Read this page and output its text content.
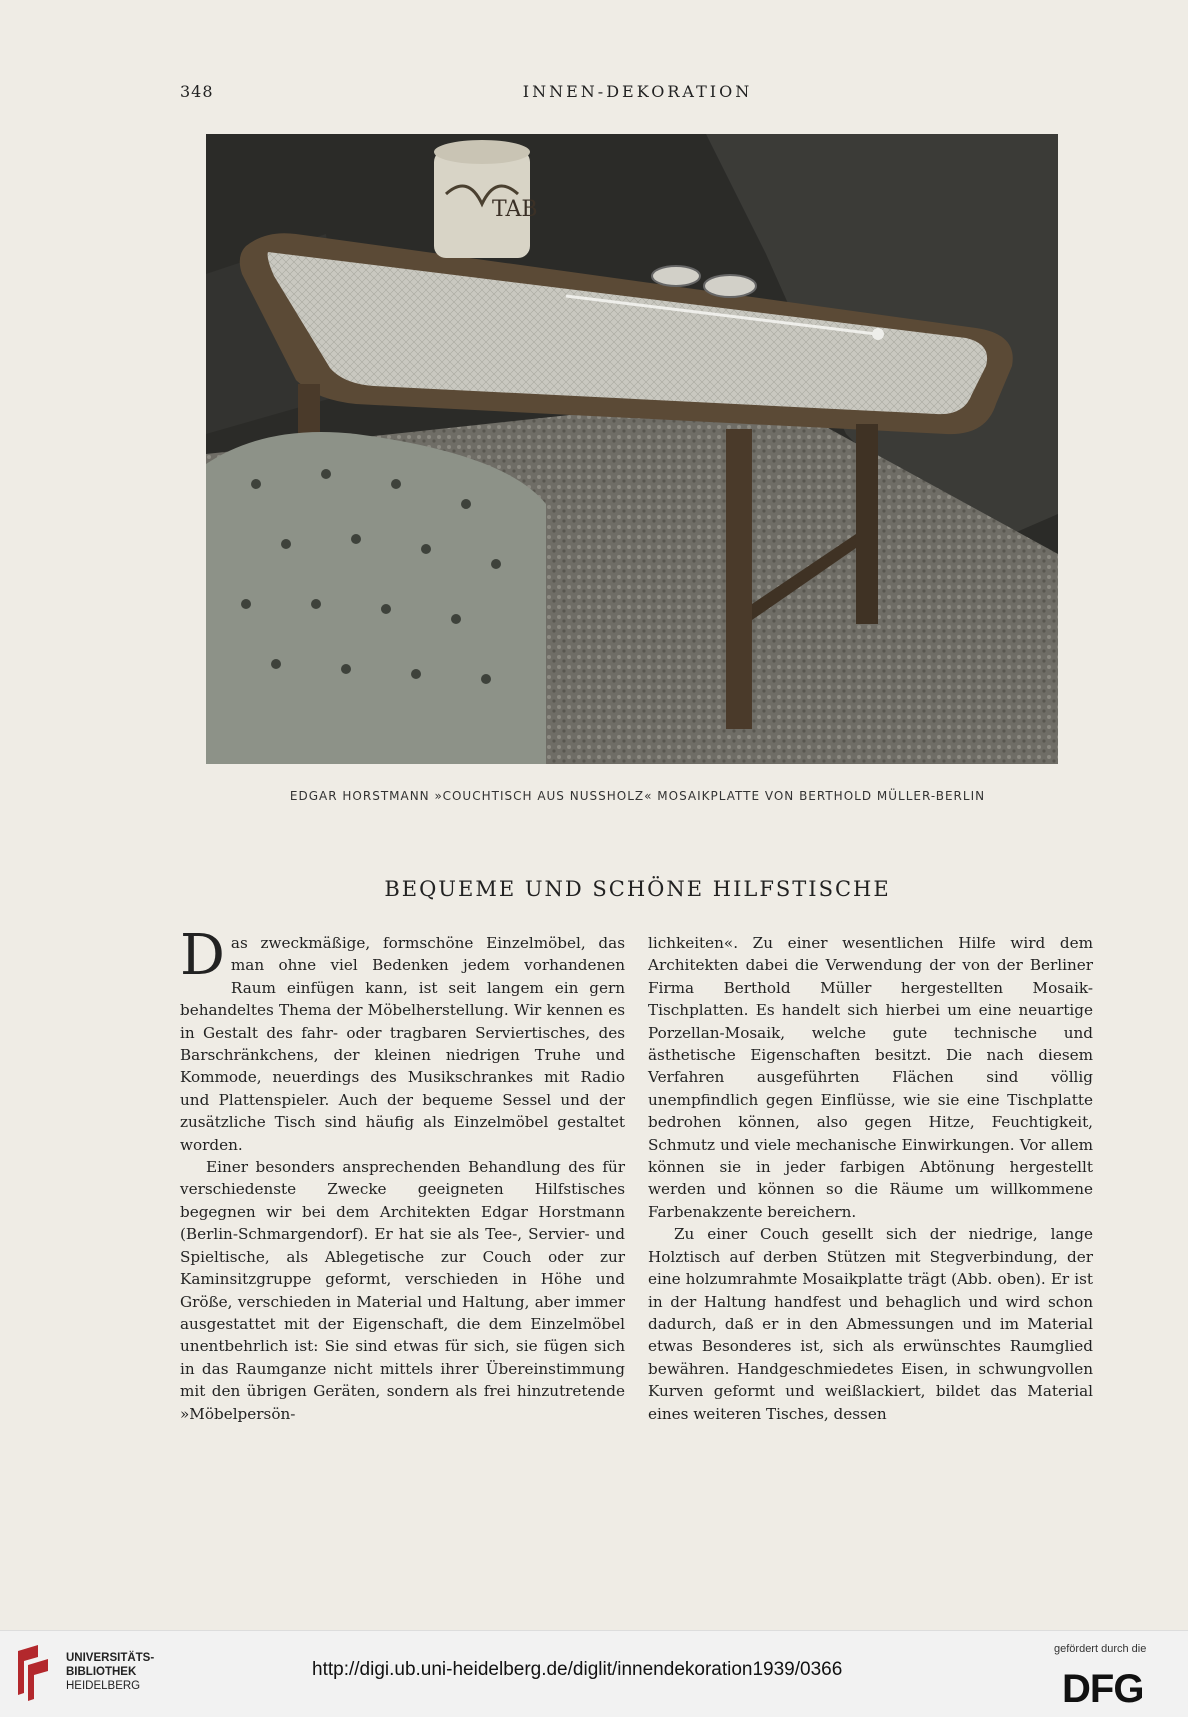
348	INNEN-DEKORATION
TAB
EDGAR HORSTMANN »COUCHTISCH AUS NUSSHOLZ« MOSAIKPLATTE VON BERTHOLD MÜLLER-BERLIN
BEQUEME UND SCHÖNE HILFSTISCHE

Das zweckmäßige, formschöne Einzelmöbel, das man ohne viel Bedenken jedem vorhandenen Raum einfügen kann, ist seit langem ein gern behandeltes Thema der Möbelherstellung. Wir kennen es in Gestalt des fahr- oder tragbaren Serviertisches, des Barschränkchens, der kleinen niedrigen Truhe und Kommode, neuerdings des Musikschrankes mit Radio und Plattenspieler. Auch der bequeme Sessel und der zusätzliche Tisch sind häufig als Einzelmöbel gestaltet worden.

Einer besonders ansprechenden Behandlung des für verschiedenste Zwecke geeigneten Hilfstisches begegnen wir bei dem Architekten Edgar Horstmann (Berlin-Schmargendorf). Er hat sie als Tee-, Servier- und Spieltische, als Ablegetische zur Couch oder zur Kaminsitzgruppe geformt, verschieden in Höhe und Größe, verschieden in Material und Haltung, aber immer ausgestattet mit der Eigenschaft, die dem Einzelmöbel unentbehrlich ist: Sie sind etwas für sich, sie fügen sich in das Raumganze nicht mittels ihrer Übereinstimmung mit den übrigen Geräten, sondern als frei hinzutretende »Möbelpersön-

lichkeiten«. Zu einer wesentlichen Hilfe wird dem Architekten dabei die Verwendung der von der Berliner Firma Berthold Müller hergestellten Mosaik-Tischplatten. Es handelt sich hierbei um eine neuartige Porzellan-Mosaik, welche gute technische und ästhetische Eigenschaften besitzt. Die nach diesem Verfahren ausgeführten Flächen sind völlig unempfindlich gegen Einflüsse, wie sie eine Tischplatte bedrohen können, also gegen Hitze, Feuchtigkeit, Schmutz und viele mechanische Einwirkungen. Vor allem können sie in jeder farbigen Abtönung hergestellt werden und können so die Räume um willkommene Farbenakzente bereichern.

Zu einer Couch gesellt sich der niedrige, lange Holztisch auf derben Stützen mit Stegverbindung, der eine holzumrahmte Mosaikplatte trägt (Abb. oben). Er ist in der Haltung handfest und behaglich und wird schon dadurch, daß er in den Abmessungen und im Material etwas Besonderes ist, sich als erwünschtes Raumglied bewähren. Handgeschmiedetes Eisen, in schwungvollen Kurven geformt und weißlackiert, bildet das Material eines weiteren Tisches, dessen

UNIVERSITÄTS-
BIBLIOTHEK
HEIDELBERG
http://digi.ub.uni-heidelberg.de/diglit/innendekoration1939/0366
gefördert durch die
DFG
